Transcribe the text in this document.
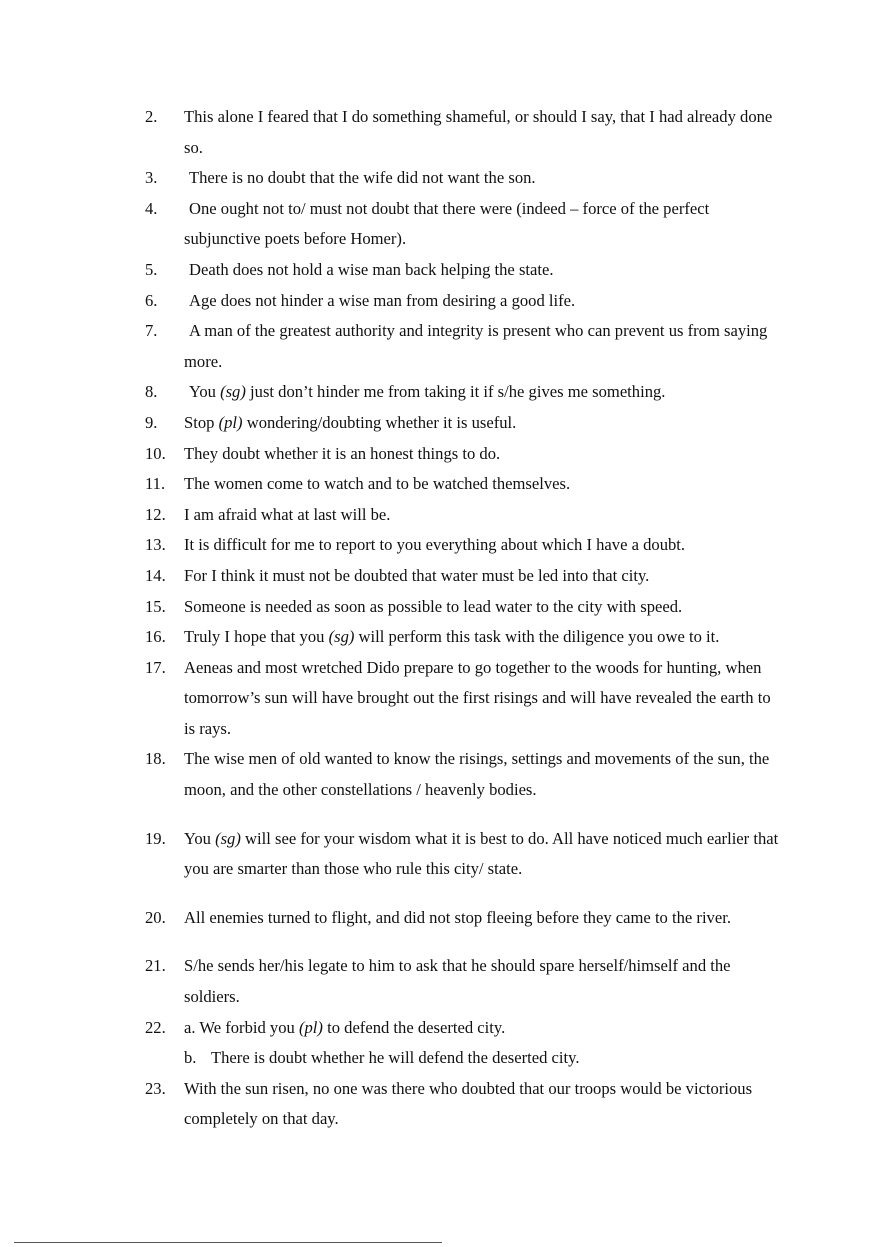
2.	This alone I feared that I do something shameful, or should I say, that I had already done so.
3.	There is no doubt that the wife did not want the son.
4.	One ought not to/ must not doubt that there were (indeed – force of the perfect subjunctive poets before Homer).
5.	Death does not hold a wise man back helping the state.
6.	Age does not hinder a wise man from desiring a good life.
7.	A man of the greatest authority and integrity is present who can prevent us from saying more.
8.	You (sg) just don’t hinder me from taking it if s/he gives me something.
9.	Stop (pl) wondering/doubting whether it is useful.
10.	They doubt whether it is an honest things to do.
11.	The women come to watch and to be watched themselves.
12.	I am afraid what at last will be.
13.	It is difficult for me to report to you everything about which I have a doubt.
14.	For I think it must not be doubted that water must be led into that city.
15.	Someone is needed as soon as possible to lead water to the city with speed.
16.	Truly I hope that you (sg) will perform this task with the diligence you owe to it.
17.	Aeneas and most wretched Dido prepare to go together to the woods for hunting, when tomorrow’s sun will have brought out the first risings and will have revealed the earth to is rays.
18.	The wise men of old wanted to know the risings, settings and movements of the sun, the moon, and the other constellations / heavenly bodies.
19.	You (sg) will see for your wisdom what it is best to do. All have noticed much earlier that you are smarter than those who rule this city/ state.
20.	All enemies turned to flight, and did not stop fleeing before they came to the river.
21.	S/he sends her/his legate to him to ask that he should spare herself/himself and the soldiers.
22.	a. We forbid you (pl) to defend the deserted city.
b. There is doubt whether he will defend the deserted city.
23.	With the sun risen, no one was there who doubted that our troops would be victorious completely on that day.
